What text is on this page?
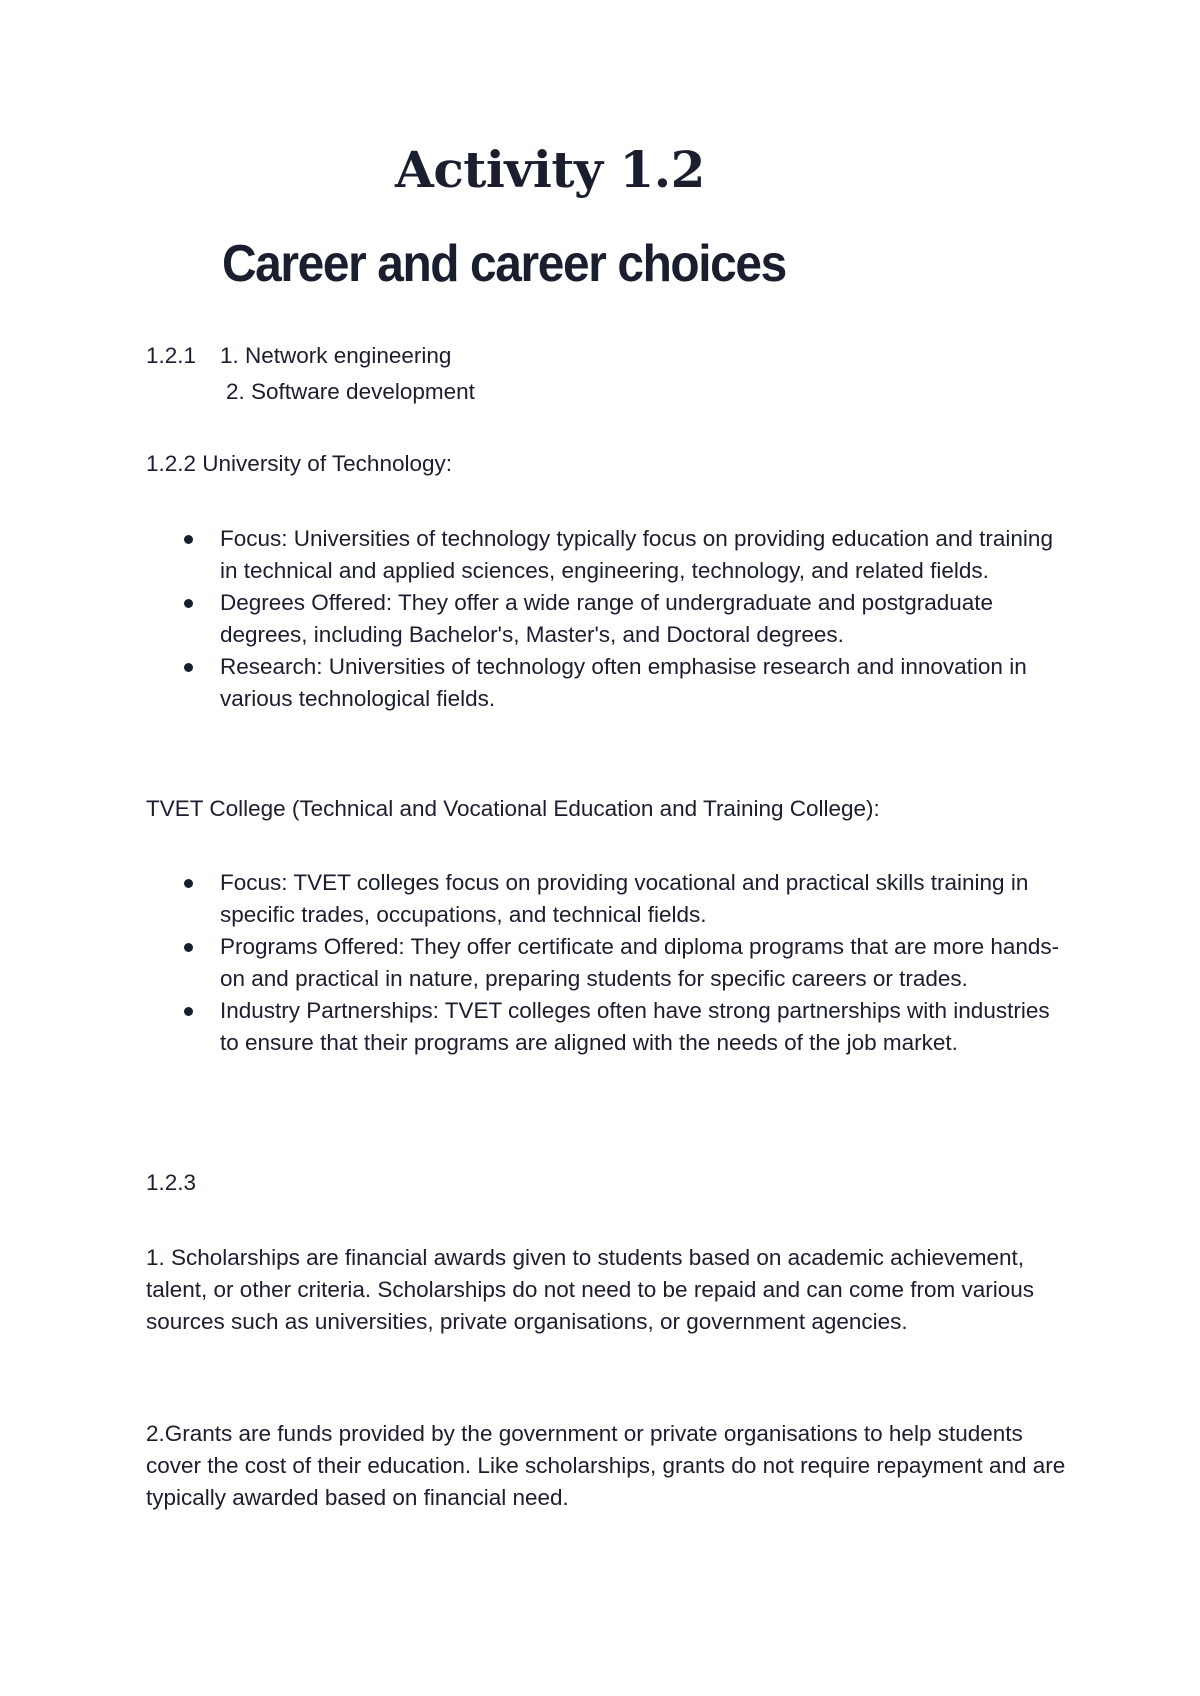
Activity 1.2
Career and career choices

1.2.1 1. Network engineering

2. Software development

1.2.2 University of Technology:

Focus: Universities of technology typically focus on providing education and training in technical and applied sciences, engineering, technology, and related fields.
Degrees Offered: They offer a wide range of undergraduate and postgraduate degrees, including Bachelor's, Master's, and Doctoral degrees.
Research: Universities of technology often emphasise research and innovation in various technological fields.

TVET College (Technical and Vocational Education and Training College):

Focus: TVET colleges focus on providing vocational and practical skills training in specific trades, occupations, and technical fields.
Programs Offered: They offer certificate and diploma programs that are more hands-on and practical in nature, preparing students for specific careers or trades.
Industry Partnerships: TVET colleges often have strong partnerships with industries to ensure that their programs are aligned with the needs of the job market.

1.2.3

1. Scholarships are financial awards given to students based on academic achievement, talent, or other criteria. Scholarships do not need to be repaid and can come from various sources such as universities, private organisations, or government agencies.

2.Grants are funds provided by the government or private organisations to help students cover the cost of their education. Like scholarships, grants do not require repayment and are typically awarded based on financial need.
